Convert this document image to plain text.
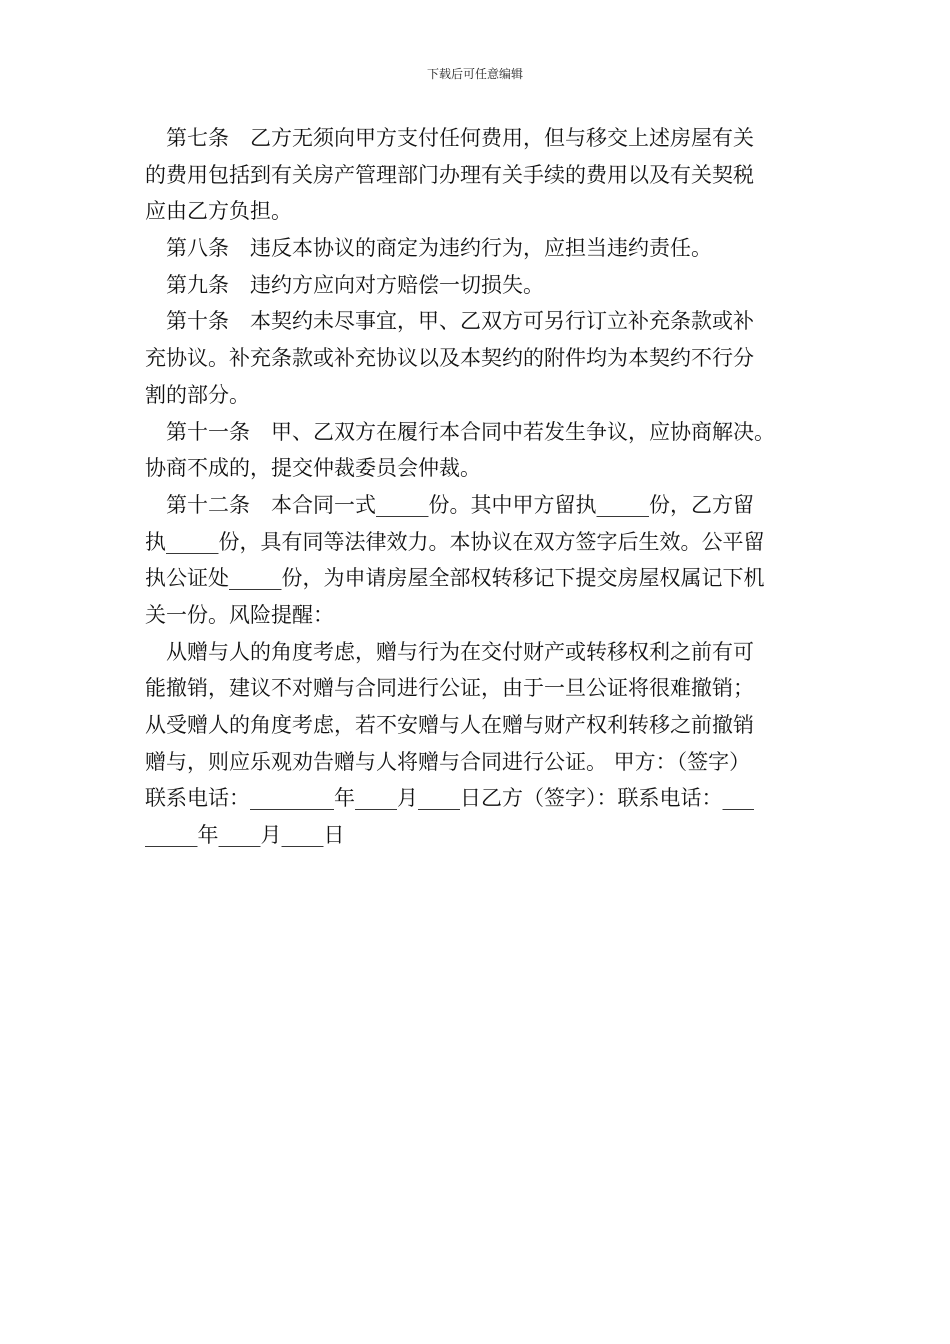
下载后可任意编辑
　第七条　乙方无须向甲方支付任何费用，但与移交上述房屋有关
的费用包括到有关房产管理部门办理有关手续的费用以及有关契税
应由乙方负担。
　第八条　违反本协议的商定为违约行为，应担当违约责任。
　第九条　违约方应向对方赔偿一切损失。
　第十条　本契约未尽事宜，甲、乙双方可另行订立补充条款或补
充协议。补充条款或补充协议以及本契约的附件均为本契约不行分
割的部分。
　第十一条　甲、乙双方在履行本合同中若发生争议，应协商解决。
协商不成的，提交仲裁委员会仲裁。
　第十二条　本合同一式_____份。其中甲方留执_____份，乙方留
执_____份，具有同等法律效力。本协议在双方签字后生效。公平留
执公证处_____份，为申请房屋全部权转移记下提交房屋权属记下机
关一份。风险提醒：
　从赠与人的角度考虑，赠与行为在交付财产或转移权利之前有可
能撤销，建议不对赠与合同进行公证，由于一旦公证将很难撤销；
从受赠人的角度考虑，若不安赠与人在赠与财产权利转移之前撤销
赠与，则应乐观劝告赠与人将赠与合同进行公证。 甲方：（签字）
联系电话：________年____月____日乙方（签字）：联系电话：___
_____年____月____日
